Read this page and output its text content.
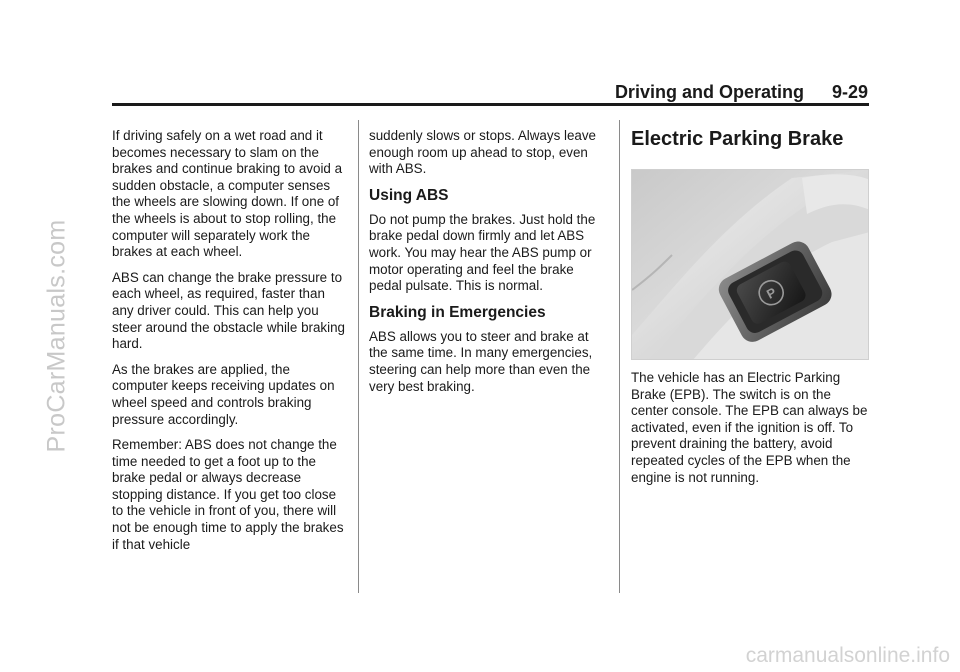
ProCarManuals.com
Driving and Operating 9-29

If driving safely on a wet road and it becomes necessary to slam on the brakes and continue braking to avoid a sudden obstacle, a computer senses the wheels are slowing down. If one of the wheels is about to stop rolling, the computer will separately work the brakes at each wheel.

ABS can change the brake pressure to each wheel, as required, faster than any driver could. This can help you steer around the obstacle while braking hard.

As the brakes are applied, the computer keeps receiving updates on wheel speed and controls braking pressure accordingly.

Remember: ABS does not change the time needed to get a foot up to the brake pedal or always decrease stopping distance. If you get too close to the vehicle in front of you, there will not be enough time to apply the brakes if that vehicle

suddenly slows or stops. Always leave enough room up ahead to stop, even with ABS.

Using ABS

Do not pump the brakes. Just hold the brake pedal down firmly and let ABS work. You may hear the ABS pump or motor operating and feel the brake pedal pulsate. This is normal.

Braking in Emergencies

ABS allows you to steer and brake at the same time. In many emergencies, steering can help more than even the very best braking.

Electric Parking Brake
P

The vehicle has an Electric Parking Brake (EPB). The switch is on the center console. The EPB can always be activated, even if the ignition is off. To prevent draining the battery, avoid repeated cycles of the EPB when the engine is not running.

carmanualsonline.info
